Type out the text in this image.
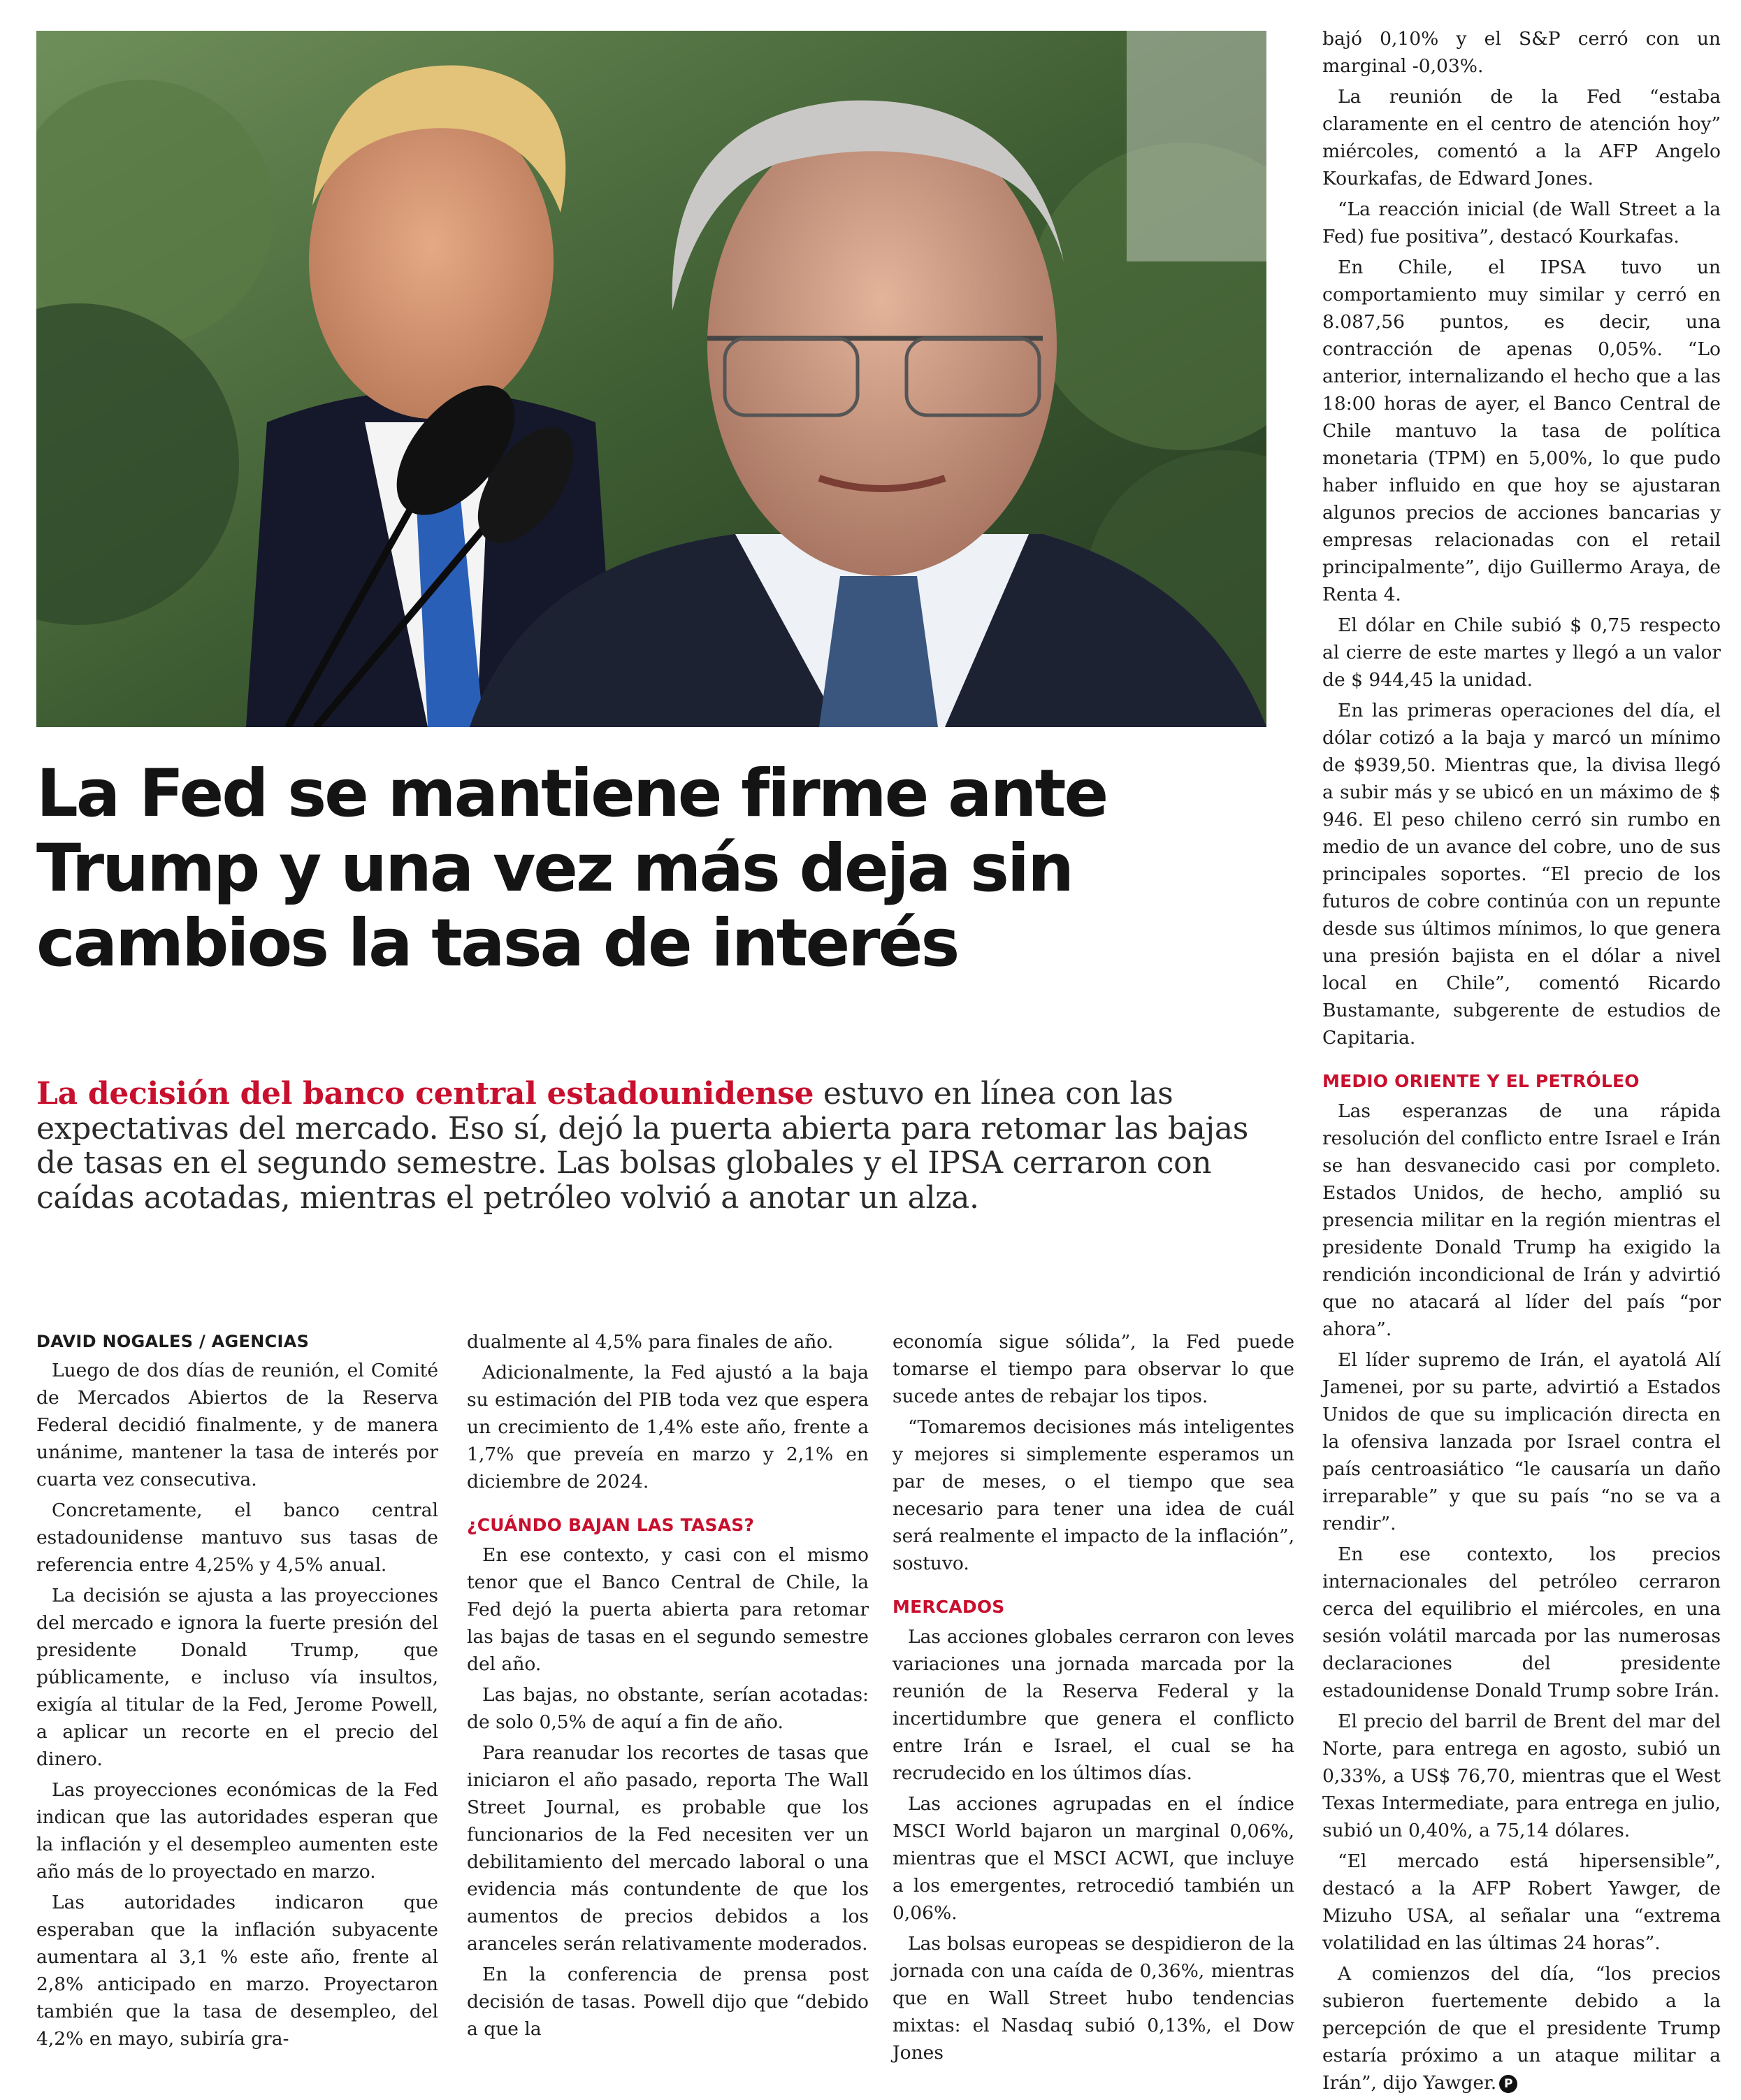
La Fed se mantiene firme ante
Trump y una vez más deja sin
cambios la tasa de interés

La decisión del banco central estadounidense estuvo en línea con las expectativas del mercado. Eso sí, dejó la puerta abierta para retomar las bajas de tasas en el segundo semestre. Las bolsas globales y el IPSA cerraron con caídas acotadas, mientras el petróleo volvió a anotar un alza.

DAVID NOGALES / AGENCIAS

Luego de dos días de reunión, el Comité de Mercados Abiertos de la Reserva Federal decidió finalmente, y de manera unánime, mantener la tasa de interés por cuarta vez consecutiva.

Concretamente, el banco central estadounidense mantuvo sus tasas de referencia entre 4,25% y 4,5% anual.

La decisión se ajusta a las proyecciones del mercado e ignora la fuerte presión del presidente Donald Trump, que públicamente, e incluso vía insultos, exigía al titular de la Fed, Jerome Powell, a aplicar un recorte en el precio del dinero.

Las proyecciones económicas de la Fed indican que las autoridades esperan que la inflación y el desempleo aumenten este año más de lo proyectado en marzo.

Las autoridades indicaron que esperaban que la inflación subyacente aumentara al 3,1 % este año, frente al 2,8% anticipado en marzo. Proyectaron también que la tasa de desempleo, del 4,2% en mayo, subiría gra-

dualmente al 4,5% para finales de año.

Adicionalmente, la Fed ajustó a la baja su estimación del PIB toda vez que espera un crecimiento de 1,4% este año, frente a 1,7% que preveía en marzo y 2,1% en diciembre de 2024.

¿CUÁNDO BAJAN LAS TASAS?

En ese contexto, y casi con el mismo tenor que el Banco Central de Chile, la Fed dejó la puerta abierta para retomar las bajas de tasas en el segundo semestre del año.

Las bajas, no obstante, serían acotadas: de solo 0,5% de aquí a fin de año.

Para reanudar los recortes de tasas que iniciaron el año pasado, reporta The Wall Street Journal, es probable que los funcionarios de la Fed necesiten ver un debilitamiento del mercado laboral o una evidencia más contundente de que los aumentos de precios debidos a los aranceles serán relativamente moderados.

En la conferencia de prensa post decisión de tasas. Powell dijo que “debido a que la

economía sigue sólida”, la Fed puede tomarse el tiempo para observar lo que sucede antes de rebajar los tipos.

“Tomaremos decisiones más inteligentes y mejores si simplemente esperamos un par de meses, o el tiempo que sea necesario para tener una idea de cuál será realmente el impacto de la inflación”, sostuvo.

MERCADOS

Las acciones globales cerraron con leves variaciones una jornada marcada por la reunión de la Reserva Federal y la incertidumbre que genera el conflicto entre Irán e Israel, el cual se ha recrudecido en los últimos días.

Las acciones agrupadas en el índice MSCI World bajaron un marginal 0,06%, mientras que el MSCI ACWI, que incluye a los emergentes, retrocedió también un 0,06%.

Las bolsas europeas se despidieron de la jornada con una caída de 0,36%, mientras que en Wall Street hubo tendencias mixtas: el Nasdaq subió 0,13%, el Dow Jones

bajó 0,10% y el S&P cerró con un marginal -0,03%.

La reunión de la Fed “estaba claramente en el centro de atención hoy” miércoles, comentó a la AFP Angelo Kourkafas, de Edward Jones.

“La reacción inicial (de Wall Street a la Fed) fue positiva”, destacó Kourkafas.

En Chile, el IPSA tuvo un comportamiento muy similar y cerró en 8.087,56 puntos, es decir, una contracción de apenas 0,05%. “Lo anterior, internalizando el hecho que a las 18:00 horas de ayer, el Banco Central de Chile mantuvo la tasa de política monetaria (TPM) en 5,00%, lo que pudo haber influido en que hoy se ajustaran algunos precios de acciones bancarias y empresas relacionadas con el retail principalmente”, dijo Guillermo Araya, de Renta 4.

El dólar en Chile subió $ 0,75 respecto al cierre de este martes y llegó a un valor de $ 944,45 la unidad.

En las primeras operaciones del día, el dólar cotizó a la baja y marcó un mínimo de $939,50. Mientras que, la divisa llegó a subir más y se ubicó en un máximo de $ 946. El peso chileno cerró sin rumbo en medio de un avance del cobre, uno de sus principales soportes. “El precio de los futuros de cobre continúa con un repunte desde sus últimos mínimos, lo que genera una presión bajista en el dólar a nivel local en Chile”, comentó Ricardo Bustamante, subgerente de estudios de Capitaria.

MEDIO ORIENTE Y EL PETRÓLEO

Las esperanzas de una rápida resolución del conflicto entre Israel e Irán se han desvanecido casi por completo. Estados Unidos, de hecho, amplió su presencia militar en la región mientras el presidente Donald Trump ha exigido la rendición incondicional de Irán y advirtió que no atacará al líder del país “por ahora”.

El líder supremo de Irán, el ayatolá Alí Jamenei, por su parte, advirtió a Estados Unidos de que su implicación directa en la ofensiva lanzada por Israel contra el país centroasiático “le causaría un daño irreparable” y que su país “no se va a rendir”.

En ese contexto, los precios internacionales del petróleo cerraron cerca del equilibrio el miércoles, en una sesión volátil marcada por las numerosas declaraciones del presidente estadounidense Donald Trump sobre Irán.

El precio del barril de Brent del mar del Norte, para entrega en agosto, subió un 0,33%, a US$ 76,70, mientras que el West Texas Intermediate, para entrega en julio, subió un 0,40%, a 75,14 dólares.

“El mercado está hipersensible”, destacó a la AFP Robert Yawger, de Mizuho USA, al señalar una “extrema volatilidad en las últimas 24 horas”.

A comienzos del día, “los precios subieron fuertemente debido a la percepción de que el presidente Trump estaría próximo a un ataque militar a Irán”, dijo Yawger. P
